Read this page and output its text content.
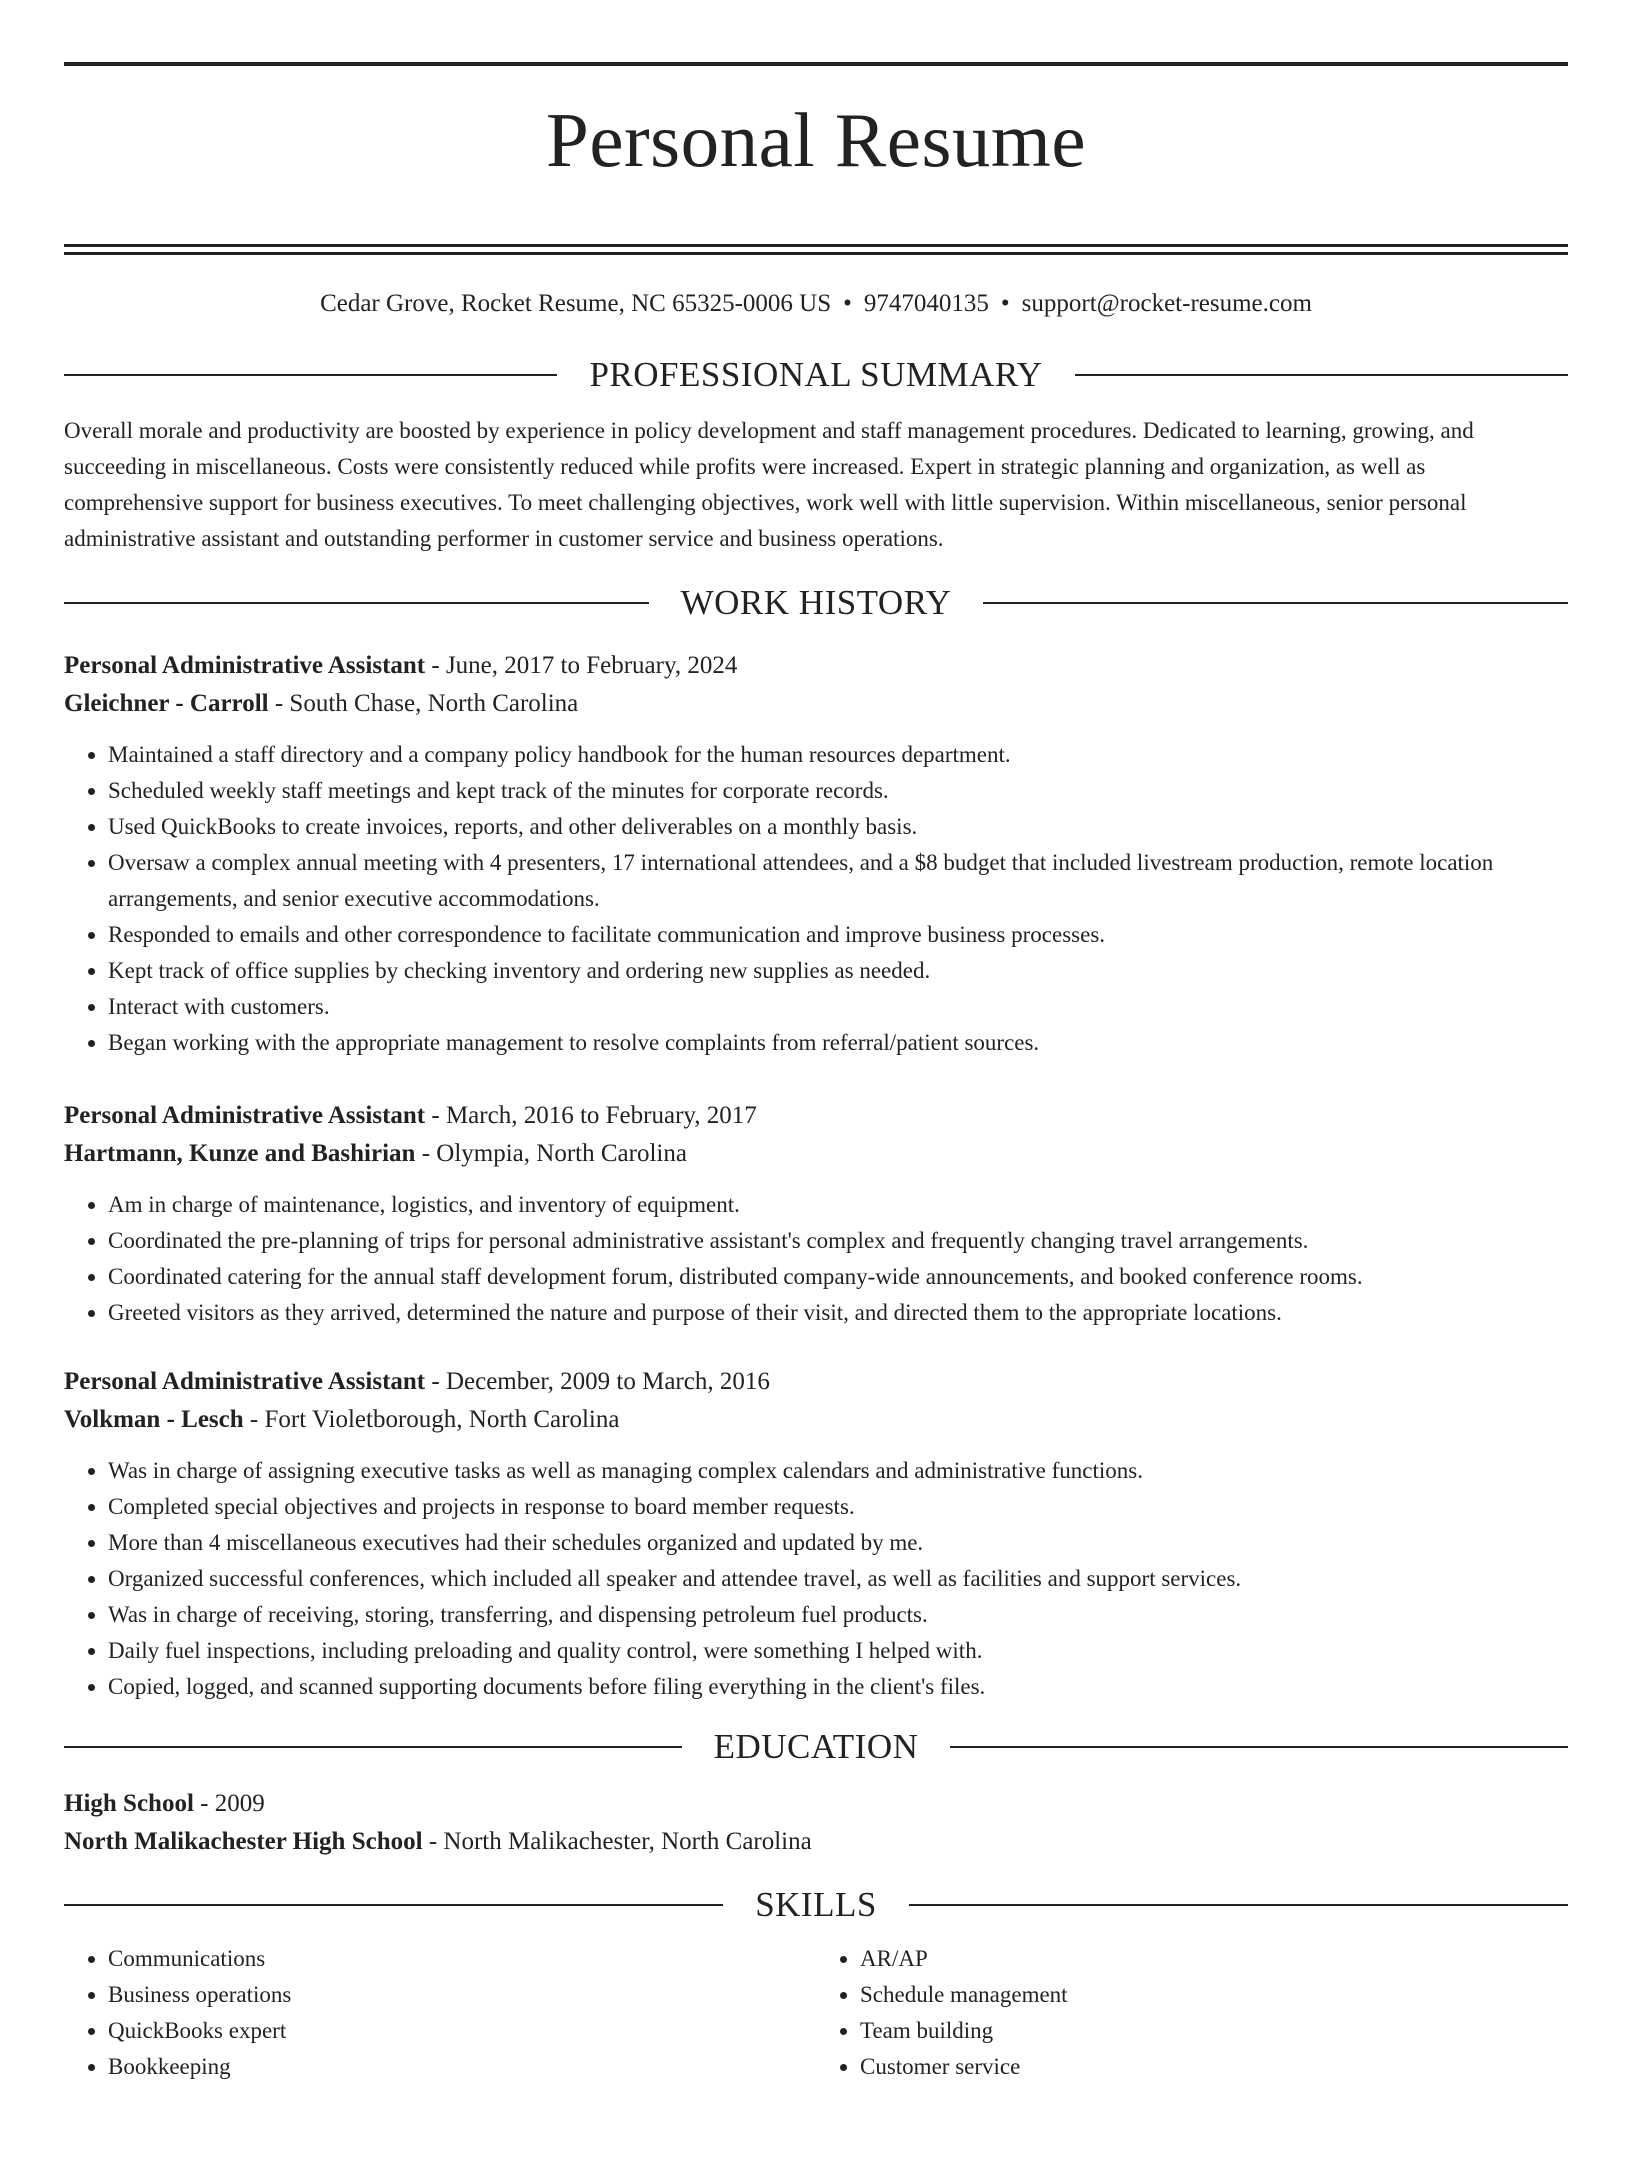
Personal Resume
Cedar Grove, Rocket Resume, NC 65325-0006 US • 9747040135 • support@rocket-resume.com
PROFESSIONAL SUMMARY
Overall morale and productivity are boosted by experience in policy development and staff management procedures. Dedicated to learning, growing, and succeeding in miscellaneous. Costs were consistently reduced while profits were increased. Expert in strategic planning and organization, as well as comprehensive support for business executives. To meet challenging objectives, work well with little supervision. Within miscellaneous, senior personal administrative assistant and outstanding performer in customer service and business operations.
WORK HISTORY
Personal Administrative Assistant - June, 2017 to February, 2024
Gleichner - Carroll - South Chase, North Carolina
• Maintained a staff directory and a company policy handbook for the human resources department.
• Scheduled weekly staff meetings and kept track of the minutes for corporate records.
• Used QuickBooks to create invoices, reports, and other deliverables on a monthly basis.
• Oversaw a complex annual meeting with 4 presenters, 17 international attendees, and a $8 budget that included livestream production, remote location arrangements, and senior executive accommodations.
• Responded to emails and other correspondence to facilitate communication and improve business processes.
• Kept track of office supplies by checking inventory and ordering new supplies as needed.
• Interact with customers.
• Began working with the appropriate management to resolve complaints from referral/patient sources.
Personal Administrative Assistant - March, 2016 to February, 2017
Hartmann, Kunze and Bashirian - Olympia, North Carolina
• Am in charge of maintenance, logistics, and inventory of equipment.
• Coordinated the pre-planning of trips for personal administrative assistant's complex and frequently changing travel arrangements.
• Coordinated catering for the annual staff development forum, distributed company-wide announcements, and booked conference rooms.
• Greeted visitors as they arrived, determined the nature and purpose of their visit, and directed them to the appropriate locations.
Personal Administrative Assistant - December, 2009 to March, 2016
Volkman - Lesch - Fort Violetborough, North Carolina
• Was in charge of assigning executive tasks as well as managing complex calendars and administrative functions.
• Completed special objectives and projects in response to board member requests.
• More than 4 miscellaneous executives had their schedules organized and updated by me.
• Organized successful conferences, which included all speaker and attendee travel, as well as facilities and support services.
• Was in charge of receiving, storing, transferring, and dispensing petroleum fuel products.
• Daily fuel inspections, including preloading and quality control, were something I helped with.
• Copied, logged, and scanned supporting documents before filing everything in the client's files.
EDUCATION
High School - 2009
North Malikachester High School - North Malikachester, North Carolina
SKILLS
• Communications
• Business operations
• QuickBooks expert
• Bookkeeping
• AR/AP
• Schedule management
• Team building
• Customer service
